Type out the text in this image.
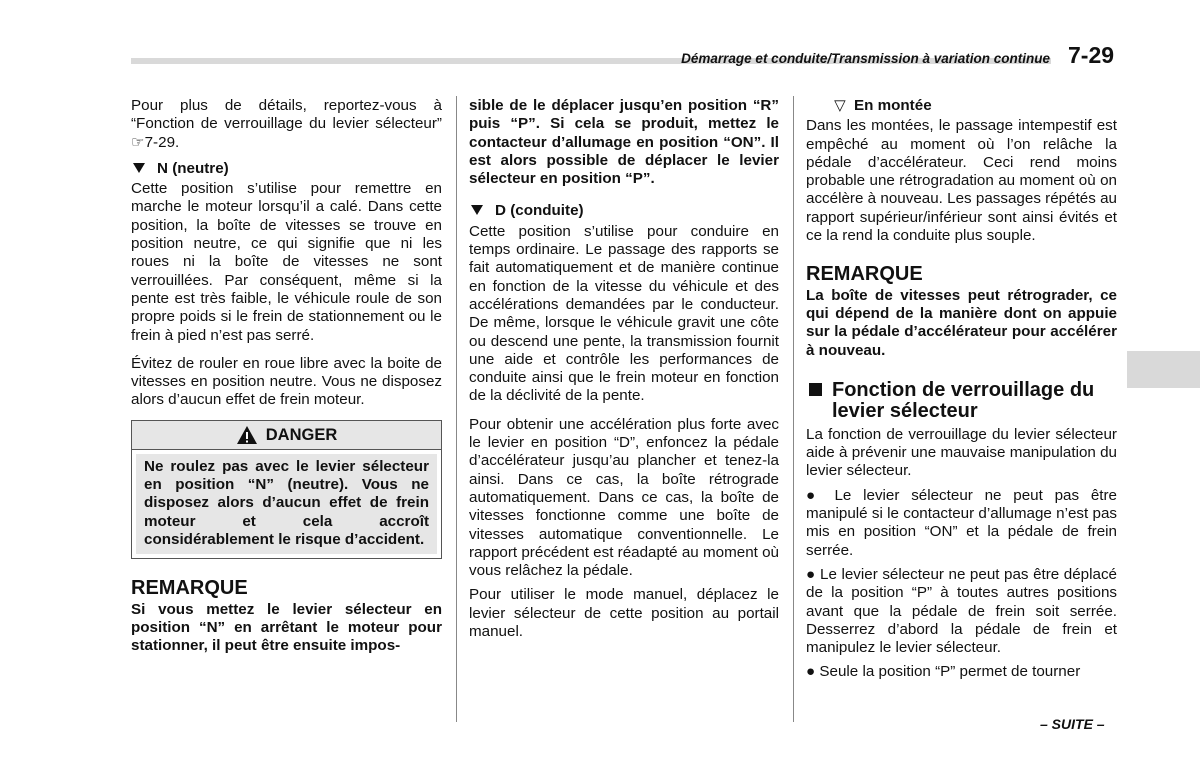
Démarrage et conduite/Transmission à variation continue 7-29

Pour plus de détails, reportez-vous à “Fonction de verrouillage du levier sélecteur” ☞7-29.

N (neutre)

Cette position s’utilise pour remettre en marche le moteur lorsqu’il a calé. Dans cette position, la boîte de vitesses se trouve en position neutre, ce qui signifie que ni les roues ni la boîte de vitesses ne sont verrouillées. Par conséquent, même si la pente est très faible, le véhicule roule de son propre poids si le frein de stationnement ou le frein à pied n’est pas serré.

Évitez de rouler en roue libre avec la boite de vitesses en position neutre. Vous ne disposez alors d’aucun effet de frein moteur.

DANGER

Ne roulez pas avec le levier sélecteur en position “N” (neutre). Vous ne disposez alors d’aucun effet de frein moteur et cela accroît considérablement le risque d’accident.

REMARQUE

Si vous mettez le levier sélecteur en position “N” en arrêtant le moteur pour stationner, il peut être ensuite impos-

sible de le déplacer jusqu’en position “R” puis “P”. Si cela se produit, mettez le contacteur d’allumage en position “ON”. Il est alors possible de déplacer le levier sélecteur en position “P”.

D (conduite)

Cette position s’utilise pour conduire en temps ordinaire. Le passage des rapports se fait automatiquement et de manière continue en fonction de la vitesse du véhicule et des accélérations demandées par le conducteur. De même, lorsque le véhicule gravit une côte ou descend une pente, la transmission fournit une aide et contrôle les performances de conduite ainsi que le frein moteur en fonction de la déclivité de la pente.

Pour obtenir une accélération plus forte avec le levier en position “D”, enfoncez la pédale d’accélérateur jusqu’au plancher et tenez-la ainsi. Dans ce cas, la boîte rétrograde automatiquement. Dans ce cas, la boîte de vitesses fonctionne comme une boîte de vitesses automatique conventionnelle. Le rapport précédent est réadapté au moment où vous relâchez la pédale.

Pour utiliser le mode manuel, déplacez le levier sélecteur de cette position au portail manuel.

▽ En montée

Dans les montées, le passage intempestif est empêché au moment où l’on relâche la pédale d’accélérateur. Ceci rend moins probable une rétrogradation au moment où on accélère à nouveau. Les passages répétés au rapport supérieur/inférieur sont ainsi évités et ce la rend la conduite plus souple.

REMARQUE

La boîte de vitesses peut rétrograder, ce qui dépend de la manière dont on appuie sur la pédale d’accélérateur pour accélérer à nouveau.

Fonction de verrouillage du levier sélecteur

La fonction de verrouillage du levier sélecteur aide à prévenir une mauvaise manipulation du levier sélecteur.

● Le levier sélecteur ne peut pas être manipulé si le contacteur d’allumage n’est pas mis en position “ON” et la pédale de frein serrée.

● Le levier sélecteur ne peut pas être déplacé de la position “P” à toutes autres positions avant que la pédale de frein soit serrée. Desserrez d’abord la pédale de frein et manipulez le levier sélecteur.

● Seule la position “P” permet de tourner

– SUITE –
